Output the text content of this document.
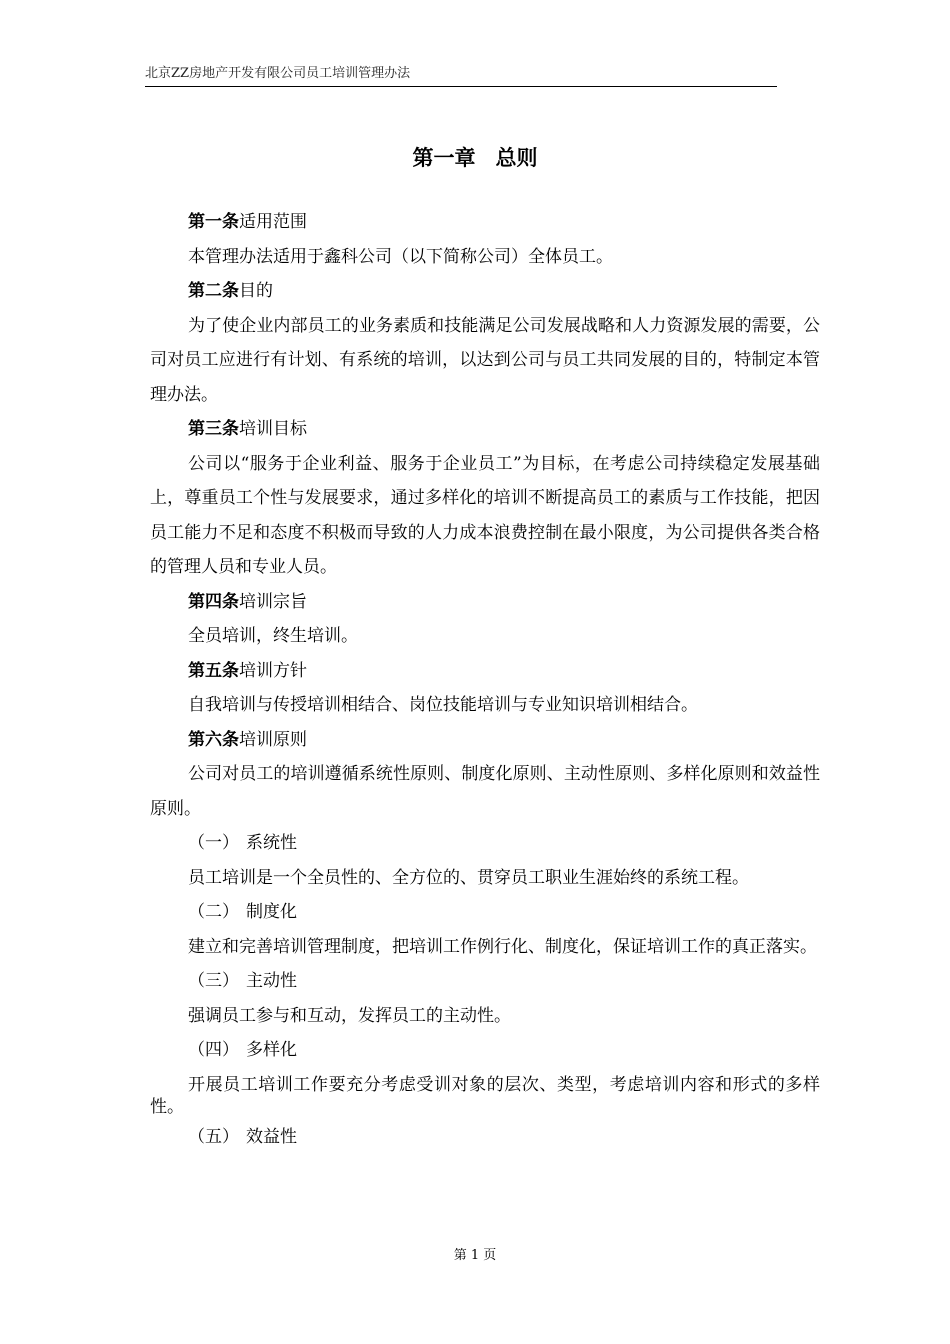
北京ZZ房地产开发有限公司员工培训管理办法
第一章 总则

第一条适用范围

本管理办法适用于鑫科公司（以下简称公司）全体员工。

第二条目的

为了使企业内部员工的业务素质和技能满足公司发展战略和人力资源发展的需要，公司对员工应进行有计划、有系统的培训，以达到公司与员工共同发展的目的，特制定本管理办法。

第三条培训目标

公司以“服务于企业利益、服务于企业员工”为目标，在考虑公司持续稳定发展基础上，尊重员工个性与发展要求，通过多样化的培训不断提高员工的素质与工作技能，把因员工能力不足和态度不积极而导致的人力成本浪费控制在最小限度，为公司提供各类合格的管理人员和专业人员。

第四条培训宗旨

全员培训，终生培训。

第五条培训方针

自我培训与传授培训相结合、岗位技能培训与专业知识培训相结合。

第六条培训原则

公司对员工的培训遵循系统性原则、制度化原则、主动性原则、多样化原则和效益性原则。

（一） 系统性

员工培训是一个全员性的、全方位的、贯穿员工职业生涯始终的系统工程。

（二） 制度化

建立和完善培训管理制度，把培训工作例行化、制度化，保证培训工作的真正落实。

（三） 主动性

强调员工参与和互动，发挥员工的主动性。

（四） 多样化

开展员工培训工作要充分考虑受训对象的层次、类型，考虑培训内容和形式的多样性。

（五） 效益性

第 1 页
